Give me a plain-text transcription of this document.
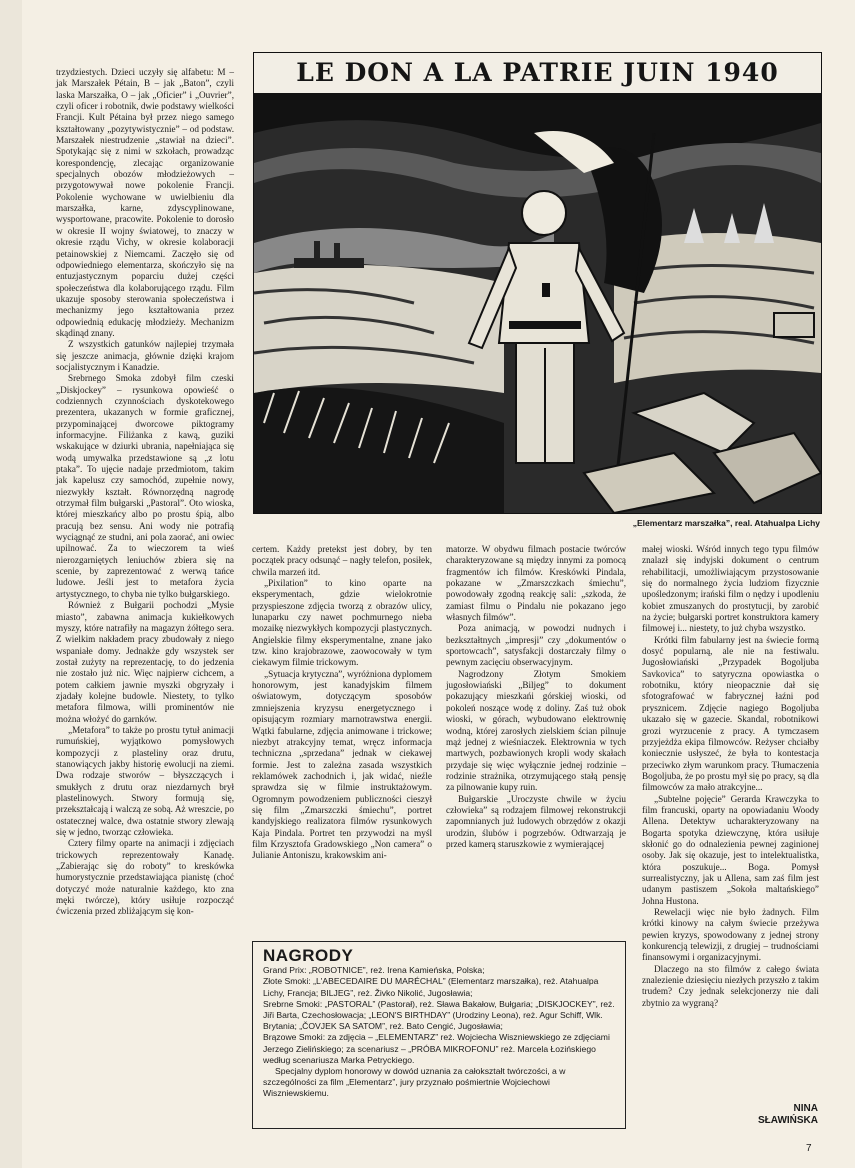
trzydziestych. Dzieci uczyły się alfabetu: M – jak Marszałek Pétain, B – jak „Baton”, czyli laska Marszałka, O – jak „Oficier” i „Ouvrier”, czyli oficer i robotnik, dwie podstawy wielkości Francji. Kult Pétaina był przez niego samego kształtowany „pozytywistycznie” – od podstaw. Marszałek niestrudzenie „stawiał na dzieci”. Spotykając się z nimi w szkołach, prowadząc korespondencję, zlecając organizowanie specjalnych obozów młodzieżowych – przygotowywał nowe pokolenie Francji. Pokolenie wychowane w uwielbieniu dla marszałka, karne, zdyscyplinowane, wysportowane, pracowite. Pokolenie to dorosło w okresie II wojny światowej, to znaczy w okresie rządu Vichy, w okresie kolaboracji petainowskiej z Niemcami. Zaczęło się od odpowiedniego elementarza, skończyło się na entuzjastycznym poparciu dużej części społeczeństwa dla kolaborującego rządu. Film ukazuje sposoby sterowania społeczeństwa i mechanizmy jego kształtowania przez odpowiednią edukację młodzieży. Mechanizm skądinąd znany.

Z wszystkich gatunków najlepiej trzymała się jeszcze animacja, głównie dzięki krajom socjalistycznym i Kanadzie.

Srebrnego Smoka zdobył film czeski „Diskjockey” – rysunkowa opowieść o codziennych czynnościach dyskotekowego prezentera, ukazanych w formie graficznej, przypominającej dworcowe piktogramy informacyjne. Filiżanka z kawą, guziki wskakujące w dziurki ubrania, napełniająca się wodą umywalka przedstawione są „z lotu ptaka”. To ujęcie nadaje przedmiotom, takim jak kapelusz czy samochód, zupełnie nowy, niezwykły kształt. Równorzędną nagrodę otrzymał film bułgarski „Pastoral”. Oto wioska, której mieszkańcy albo po prostu śpią, albo pracują bez sensu. Ani wody nie potrafią wyciągnąć ze studni, ani pola zaorać, ani owiec upilnować. Za to wieczorem ta wieś nierozgarniętych leniuchów zbiera się na scenie, by zaprezentować z werwą tańce ludowe. Jeśli jest to metafora życia artystycznego, to chyba nie tylko bułgarskiego.

Również z Bułgarii pochodzi „Mysie miasto”, zabawna animacja kukiełkowych myszy, które natrafiły na magazyn żółtego sera. Z wielkim nakładem pracy zbudowały z niego wspaniałe domy. Jednakże gdy wszystek ser został zużyty na reprezentację, to do jedzenia nie zostało już nic. Więc najpierw cichcem, a potem całkiem jawnie myszki obgryzały i zjadały kolejne budowle. Niestety, to tylko metafora filmowa, willi prominentów nie można włożyć do garnków.

„Metafora” to także po prostu tytuł animacji rumuńskiej, wyjątkowo pomysłowych kompozycji z plasteliny oraz drutu, stanowiących jakby historię ewolucji na ziemi. Dwa rodzaje stworów – błyszczących i smukłych z drutu oraz niezdarnych brył plastelinowych. Stwory formują się, przekształcają i walczą ze sobą. Aż wreszcie, po ostatecznej walce, dwa ostatnie stwory zlewają się w jedno, tworząc człowieka.

Cztery filmy oparte na animacji i zdjęciach trickowych reprezentowały Kanadę. „Zabierając się do roboty” to kreskówka humorystycznie przedstawiająca pianistę (choć dotyczyć może naturalnie każdego, kto zna męki twórcze), który usiłuje rozpocząć ćwiczenia przed zbliżającym się kon-

LE DON A LA PATRIE JUIN 1940
„Elementarz marszałka”, real. Atahualpa Lichy

certem. Każdy pretekst jest dobry, by ten początek pracy odsunąć – nagły telefon, posiłek, chwila marzeń itd.

„Pixilation” to kino oparte na eksperymentach, gdzie wielokrotnie przyspieszone zdjęcia tworzą z obrazów ulicy, lunaparku czy nawet pochmurnego nieba mozaikę niezwykłych kompozycji plastycznych. Angielskie filmy eksperymentalne, znane jako tzw. kino krajobrazowe, zaowocowały w tym ciekawym filmie trickowym.

„Sytuacja krytyczna”, wyróżniona dyplomem honorowym, jest kanadyjskim filmem oświatowym, dotyczącym sposobów zmniejszenia kryzysu energetycznego i opisującym rozmiary marnotrawstwa energii. Wątki fabularne, zdjęcia animowane i trickowe; niezbyt atrakcyjny temat, wręcz informacja techniczna „sprzedana” jednak w ciekawej formie. Jest to zależna zasada wszystkich reklamówek zachodnich i, jak widać, nieźle sprawdza się w filmie instruktażowym. Ogromnym powodzeniem publiczności cieszył się film „Zmarszczki śmiechu”, portret kandyjskiego realizatora filmów rysunkowych Kaja Pindala. Portret ten przywodzi na myśl film Krzysztofa Gradowskiego „Non camera” o Julianie Antoniszu, krakowskim ani-

matorze. W obydwu filmach postacie twórców charakteryzowane są między innymi za pomocą fragmentów ich filmów. Kreskówki Pindala, pokazane w „Zmarszczkach śmiechu”, powodowały zgodną reakcję sali: „szkoda, że zamiast filmu o Pindalu nie pokazano jego własnych filmów”.

Poza animacją, w powodzi nudnych i bezkształtnych „impresji” czy „dokumentów o sportowcach”, satysfakcji dostarczały filmy o pewnym zacięciu obserwacyjnym.

Nagrodzony Złotym Smokiem jugosłowiański „Biljeg” to dokument pokazujący mieszkańi górskiej wioski, od pokoleń noszące wodę z doliny. Zaś tuż obok wioski, w górach, wybudowano elektrownię wodną, której zarosłych zielskiem ścian pilnuje mąż jednej z wieśniaczek. Elektrownia w tych martwych, pozbawionych kropli wody skałach przydaje się więc wyłącznie jednej rodzinie – rodzinie strażnika, otrzymującego stałą pensję za pilnowanie kupy ruin.

Bułgarskie „Uroczyste chwile w życiu człowieka” są rodzajem filmowej rekonstrukcji zapomnianych już ludowych obrzędów z okazji urodzin, ślubów i pogrzebów. Odtwarzają je przed kamerą staruszkowie z wymierającej

małej wioski. Wśród innych tego typu filmów znalazł się indyjski dokument o centrum rehabilitacji, umożliwiającym przystosowanie się do normalnego życia ludziom fizycznie upośledzonym; irański film o nędzy i upodleniu kobiet zmuszanych do prostytucji, by zarobić na życie; bułgarski portret konstruktora kamery filmowej i... niestety, to już chyba wszystko.

Krótki film fabularny jest na świecie formą dosyć popularną, ale nie na festiwalu. Jugosłowiański „Przypadek Bogoljuba Savkovica” to satyryczna opowiastka o robotniku, który nieopacznie dał się sfotografować w fabrycznej łaźni pod prysznicem. Zdjęcie nagiego Bogoljuba ukazało się w gazecie. Skandal, robotnikowi grozi wyrzucenie z pracy. A tymczasem przyjeżdża ekipa filmowców. Reżyser chciałby koniecznie usłyszeć, że była to kontestacja przeciwko złym warunkom pracy. Tłumaczenia Bogoljuba, że po prostu mył się po pracy, są dla filmowców za mało atrakcyjne...

„Subtelne pojęcie” Gerarda Krawczyka to film francuski, oparty na opowiadaniu Woody Allena. Detektyw ucharakteryzowany na Bogarta spotyka dziewczynę, która usiłuje skłonić go do odnalezienia pewnej zaginionej osoby. Jak się okazuje, jest to intelektualistka, która poszukuje... Boga. Pomysł surrealistyczny, jak u Allena, sam zaś film jest udanym pastiszem „Sokoła maltańskiego” Johna Hustona.

Rewelacji więc nie było żadnych. Film krótki kinowy na całym świecie przeżywa pewien kryzys, spowodowany z jednej strony konkurencją telewizji, z drugiej – trudnościami finansowymi i organizacyjnymi.

Dlaczego na sto filmów z całego świata znalezienie dziesięciu niezłych przyszło z takim trudem? Czy jednak selekcjonerzy nie dali zbytnio za wygraną?

NAGRODY

Grand Prix: „ROBOTNICE”, reż. Irena Kamieńska, Polska;

Złote Smoki: „L'ABECEDAIRE DU MARÉCHAL” (Elementarz marszałka), reż. Atahualpa Lichy, Francja; BILJEG”, reż. Živko Nikolić, Jugosławia;

Srebrne Smoki: „PASTORAL” (Pastorał), reż. Sława Bakałow, Bułgaria; „DISKJOCKEY”, reż. Jiři Barta, Czechosłowacja; „LEON'S BIRTHDAY” (Urodziny Leona), reż. Agur Schiff, Wlk. Brytania; „ČOVJEK SA SATOM”, reż. Bato Cengić, Jugosławia;

Brązowe Smoki: za zdjęcia – „ELEMENTARZ” reż. Wojciecha Wiszniewskiego ze zdjęciami Jerzego Zielińskiego; za scenariusz – „PRÓBA MIKROFONU” reż. Marcela Łozińskiego według scenariusza Marka Petryckiego.

Specjalny dyplom honorowy w dowód uznania za całokształt twórczości, a w szczególności za film „Elementarz”, jury przyznało pośmiertnie Wojciechowi Wiszniewskiemu.

NINA
SŁAWIŃSKA
7
